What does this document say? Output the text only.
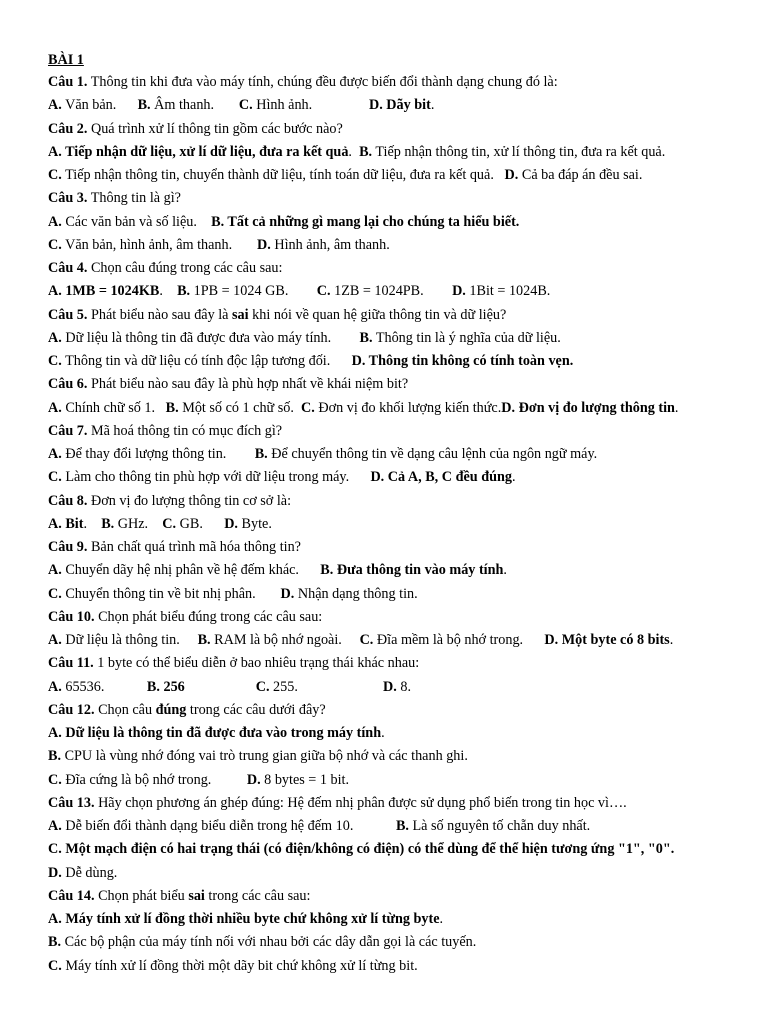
BÀI 1
Câu 1. Thông tin khi đưa vào máy tính, chúng đều được biến đổi thành dạng chung đó là:
A. Văn bản.      B. Âm thanh.       C. Hình ảnh.                D. Dãy bit.
Câu 2. Quá trình xử lí thông tin gồm các bước nào?
A. Tiếp nhận dữ liệu, xử lí dữ liệu, đưa ra kết quả.  B. Tiếp nhận thông tin, xử lí thông tin, đưa ra kết quả.
C. Tiếp nhận thông tin, chuyển thành dữ liệu, tính toán dữ liệu, đưa ra kết quả.   D. Cả ba đáp án đều sai.
Câu 3. Thông tin là gì?
A. Các văn bản và số liệu.    B. Tất cả những gì mang lại cho chúng ta hiểu biết.
C. Văn bản, hình ảnh, âm thanh.       D. Hình ảnh, âm thanh.
Câu 4. Chọn câu đúng trong các câu sau:
A. 1MB = 1024KB.    B. 1PB = 1024 GB.        C. 1ZB = 1024PB.        D. 1Bit = 1024B.
Câu 5. Phát biểu nào sau đây là sai khi nói về quan hệ giữa thông tin và dữ liệu?
A. Dữ liệu là thông tin đã được đưa vào máy tính.        B. Thông tin là ý nghĩa của dữ liệu.
C. Thông tin và dữ liệu có tính độc lập tương đối.      D. Thông tin không có tính toàn vẹn.
Câu 6. Phát biểu nào sau đây là phù hợp nhất về khái niệm bit?
A. Chính chữ số 1.   B. Một số có 1 chữ số.  C. Đơn vị đo khối lượng kiến thức.D. Đơn vị đo lượng thông tin.
Câu 7. Mã hoá thông tin có mục đích gì?
A. Để thay đổi lượng thông tin.        B. Để chuyển thông tin về dạng câu lệnh của ngôn ngữ máy.
C. Làm cho thông tin phù hợp với dữ liệu trong máy.      D. Cả A, B, C đều đúng.
Câu 8. Đơn vị đo lượng thông tin cơ sở là:
A. Bit.    B. GHz.    C. GB.      D. Byte.
Câu 9. Bản chất quá trình mã hóa thông tin?
A. Chuyển dãy hệ nhị phân về hệ đếm khác.      B. Đưa thông tin vào máy tính.
C. Chuyển thông tin về bit nhị phân.       D. Nhận dạng thông tin.
Câu 10. Chọn phát biểu đúng trong các câu sau:
A. Dữ liệu là thông tin.     B. RAM là bộ nhớ ngoài.     C. Đĩa mềm là bộ nhớ trong.      D. Một byte có 8 bits.
Câu 11. 1 byte có thể biểu diễn ở bao nhiêu trạng thái khác nhau:
A. 65536.            B. 256	C. 255.                        D. 8.
Câu 12. Chọn câu đúng trong các câu dưới đây?
A. Dữ liệu là thông tin đã được đưa vào trong máy tính.
B. CPU là vùng nhớ đóng vai trò trung gian giữa bộ nhớ và các thanh ghi.
C. Đĩa cứng là bộ nhớ trong.          D. 8 bytes = 1 bit.
Câu 13. Hãy chọn phương án ghép đúng: Hệ đếm nhị phân được sử dụng phổ biến trong tin học vì….
A. Dễ biến đổi thành dạng biểu diễn trong hệ đếm 10.            B. Là số nguyên tố chẵn duy nhất.
C. Một mạch điện có hai trạng thái (có điện/không có điện) có thể dùng để thể hiện tương ứng "1", "0".
D. Dễ dùng.
Câu 14. Chọn phát biểu sai trong các câu sau:
A. Máy tính xử lí đồng thời nhiều byte chứ không xử lí từng byte.
B. Các bộ phận của máy tính nối với nhau bởi các dây dẫn gọi là các tuyến.
C. Máy tính xử lí đồng thời một dãy bit chứ không xử lí từng bit.
